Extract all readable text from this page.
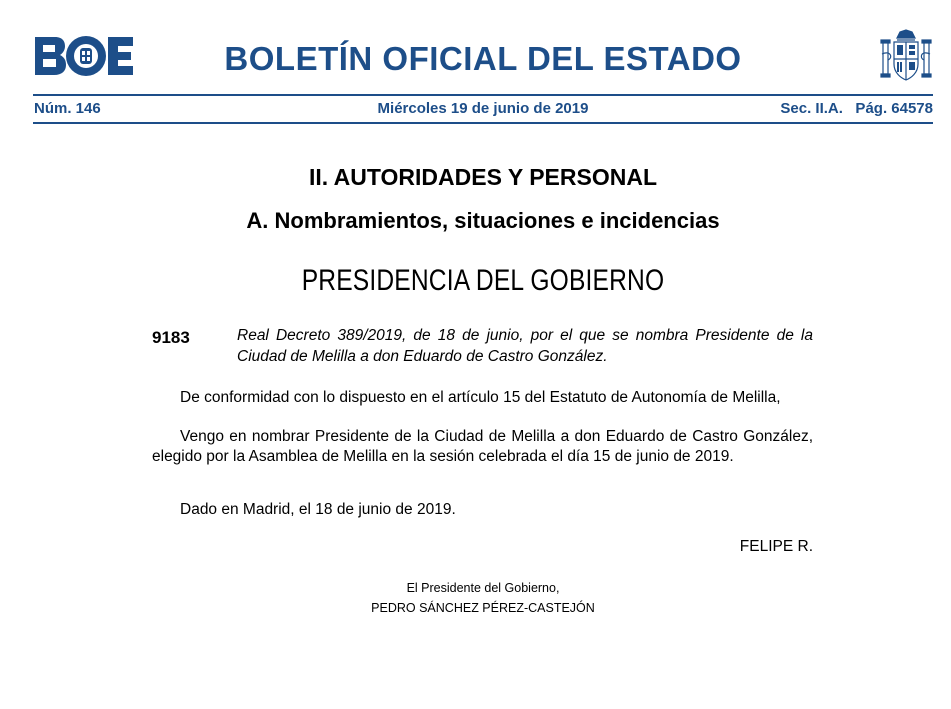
BOE
BOLETÍN OFICIAL DEL ESTADO
Núm. 146	Miércoles 19 de junio de 2019	Sec. II.A.   Pág. 64578
II. AUTORIDADES Y PERSONAL
A. Nombramientos, situaciones e incidencias
PRESIDENCIA DEL GOBIERNO
9183	Real Decreto 389/2019, de 18 de junio, por el que se nombra Presidente de la Ciudad de Melilla a don Eduardo de Castro González.
De conformidad con lo dispuesto en el artículo 15 del Estatuto de Autonomía de Melilla,
Vengo en nombrar Presidente de la Ciudad de Melilla a don Eduardo de Castro González, elegido por la Asamblea de Melilla en la sesión celebrada el día 15 de junio de 2019.
Dado en Madrid, el 18 de junio de 2019.
FELIPE R.
El Presidente del Gobierno,
PEDRO SÁNCHEZ PÉREZ-CASTEJÓN
